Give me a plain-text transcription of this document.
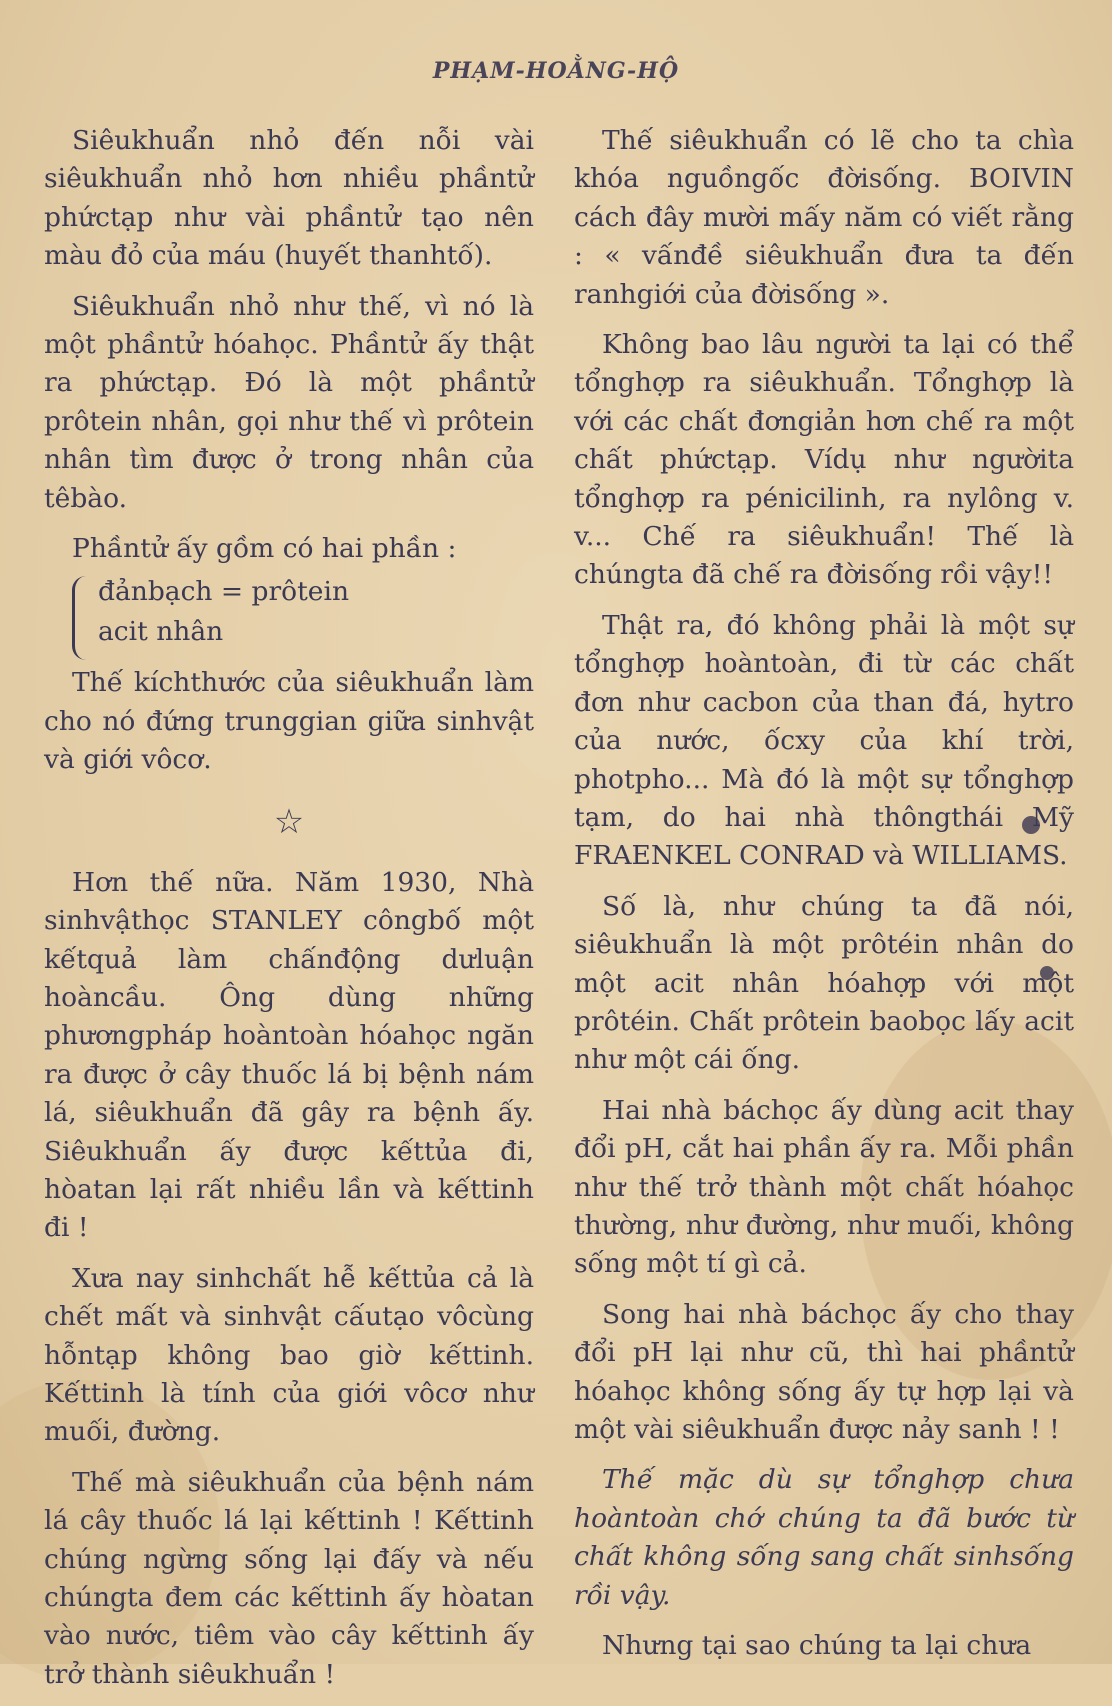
PHẠM-HOẰNG-HỘ

Siêukhuẩn nhỏ đến nỗi vài siêukhuẩn nhỏ hơn nhiều phầntử phứctạp như vài phầntử tạo nên màu đỏ của máu (huyết thanhtố).

Siêukhuẩn nhỏ như thế, vì nó là một phầntử hóahọc. Phầntử ấy thật ra phứctạp. Đó là một phầntử prôtein nhân, gọi như thế vì prôtein nhân tìm được ở trong nhân của têbào.

Phầntử ấy gồm có hai phần :

đảnbạch = prôtein
acit nhân

Thế kíchthước của siêukhuẩn làm cho nó đứng trunggian giữa sinhvật và giới vôcơ.

☆

Hơn thế nữa. Năm 1930, Nhà sinhvậthọc STANLEY côngbố một kếtquả làm chấnđộng dưluận hoàncầu. Ông dùng những phươngpháp hoàntoàn hóahọc ngăn ra được ở cây thuốc lá bị bệnh nám lá, siêukhuẩn đã gây ra bệnh ấy. Siêukhuẩn ấy được kếttủa đi, hòatan lại rất nhiều lần và kếttinh đi !

Xưa nay sinhchất hễ kếttủa cả là chết mất và sinhvật cấutạo vôcùng hỗntạp không bao giờ kếttinh. Kếttinh là tính của giới vôcơ như muối, đường.

Thế mà siêukhuẩn của bệnh nám lá cây thuốc lá lại kếttinh ! Kếttinh chúng ngừng sống lại đấy và nếu chúngta đem các kếttinh ấy hòatan vào nước, tiêm vào cây kếttinh ấy trở thành siêukhuẩn !

Thế siêukhuẩn có lẽ cho ta chìa khóa nguồngốc đờisống. BOIVIN cách đây mười mấy năm có viết rằng : « vấnđề siêukhuẩn đưa ta đến ranhgiới của đờisống ».

Không bao lâu người ta lại có thể tổnghợp ra siêukhuẩn. Tổnghợp là với các chất đơngiản hơn chế ra một chất phứctạp. Vídụ như ngườita tổnghợp ra pénicilinh, ra nylông v. v... Chế ra siêukhuẩn! Thế là chúngta đã chế ra đờisống rồi vậy!!

Thật ra, đó không phải là một sự tổnghợp hoàntoàn, đi từ các chất đơn như cacbon của than đá, hytro của nước, ốcxy của khí trời, photpho... Mà đó là một sự tổnghợp tạm, do hai nhà thôngthái Mỹ FRAENKEL CONRAD và WILLIAMS.

Số là, như chúng ta đã nói, siêukhuẩn là một prôtéin nhân do một acit nhân hóahợp với một prôtéin. Chất prôtein baobọc lấy acit như một cái ống.

Hai nhà báchọc ấy dùng acit thay đổi pH, cắt hai phần ấy ra. Mỗi phần như thế trở thành một chất hóahọc thường, như đường, như muối, không sống một tí gì cả.

Song hai nhà báchọc ấy cho thay đổi pH lại như cũ, thì hai phầntử hóahọc không sống ấy tự hợp lại và một vài siêukhuẩn được nảy sanh ! !

Thế mặc dù sự tổnghợp chưa hoàntoàn chớ chúng ta đã bước từ chất không sống sang chất sinhsống rồi vậy.

Nhưng tại sao chúng ta lại chưa
